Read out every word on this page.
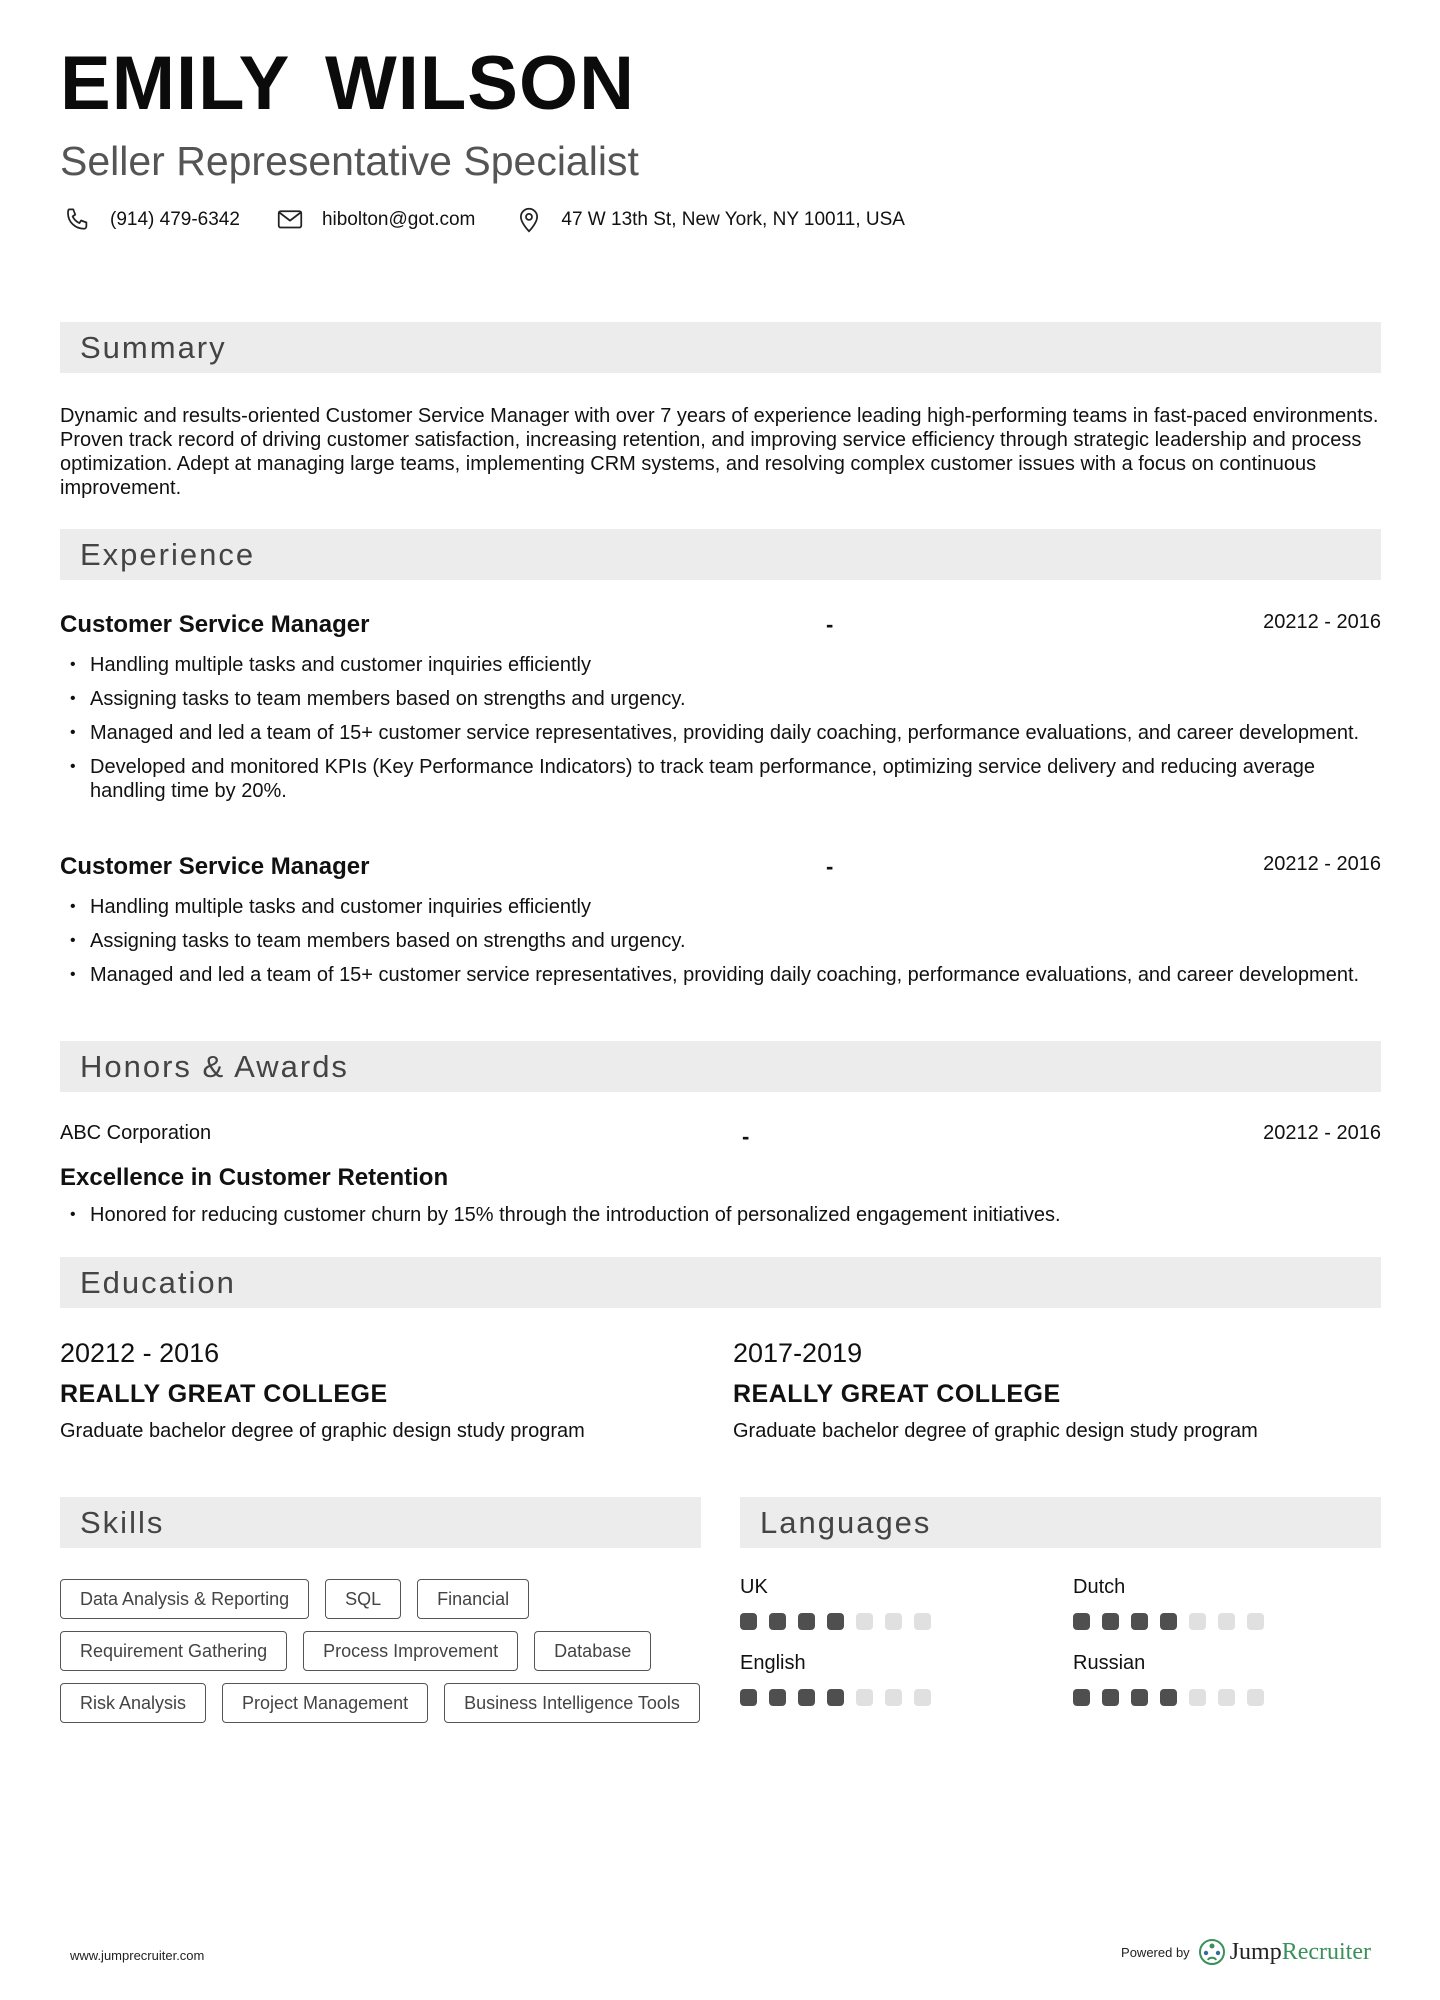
EMILY WILSON
Seller Representative Specialist
(914) 479-6342	hibolton@got.com	47 W 13th St, New York, NY 10011, USA
Summary
Dynamic and results-oriented Customer Service Manager with over 7 years of experience leading high-performing teams in fast-paced environments. Proven track record of driving customer satisfaction, increasing retention, and improving service efficiency through strategic leadership and process optimization. Adept at managing large teams, implementing CRM systems, and resolving complex customer issues with a focus on continuous improvement.
Experience
Customer Service Manager	-	20212 - 2016
• Handling multiple tasks and customer inquiries efficiently
• Assigning tasks to team members based on strengths and urgency.
• Managed and led a team of 15+ customer service representatives, providing daily coaching, performance evaluations, and career development.
• Developed and monitored KPIs (Key Performance Indicators) to track team performance, optimizing service delivery and reducing average handling time by 20%.
Customer Service Manager	-	20212 - 2016
• Handling multiple tasks and customer inquiries efficiently
• Assigning tasks to team members based on strengths and urgency.
• Managed and led a team of 15+ customer service representatives, providing daily coaching, performance evaluations, and career development.
Honors & Awards
ABC Corporation	-	20212 - 2016
Excellence in Customer Retention
• Honored for reducing customer churn by 15% through the introduction of personalized engagement initiatives.
Education
20212 - 2016
REALLY GREAT COLLEGE
Graduate bachelor degree of graphic design study program
2017-2019
REALLY GREAT COLLEGE
Graduate bachelor degree of graphic design study program
Skills
Data Analysis & Reporting	SQL	Financial
Requirement Gathering	Process Improvement	Database
Risk Analysis	Project Management	Business Intelligence Tools
Languages
UK	Dutch
English	Russian
www.jumprecruiter.com	Powered by Jump Recruiter
